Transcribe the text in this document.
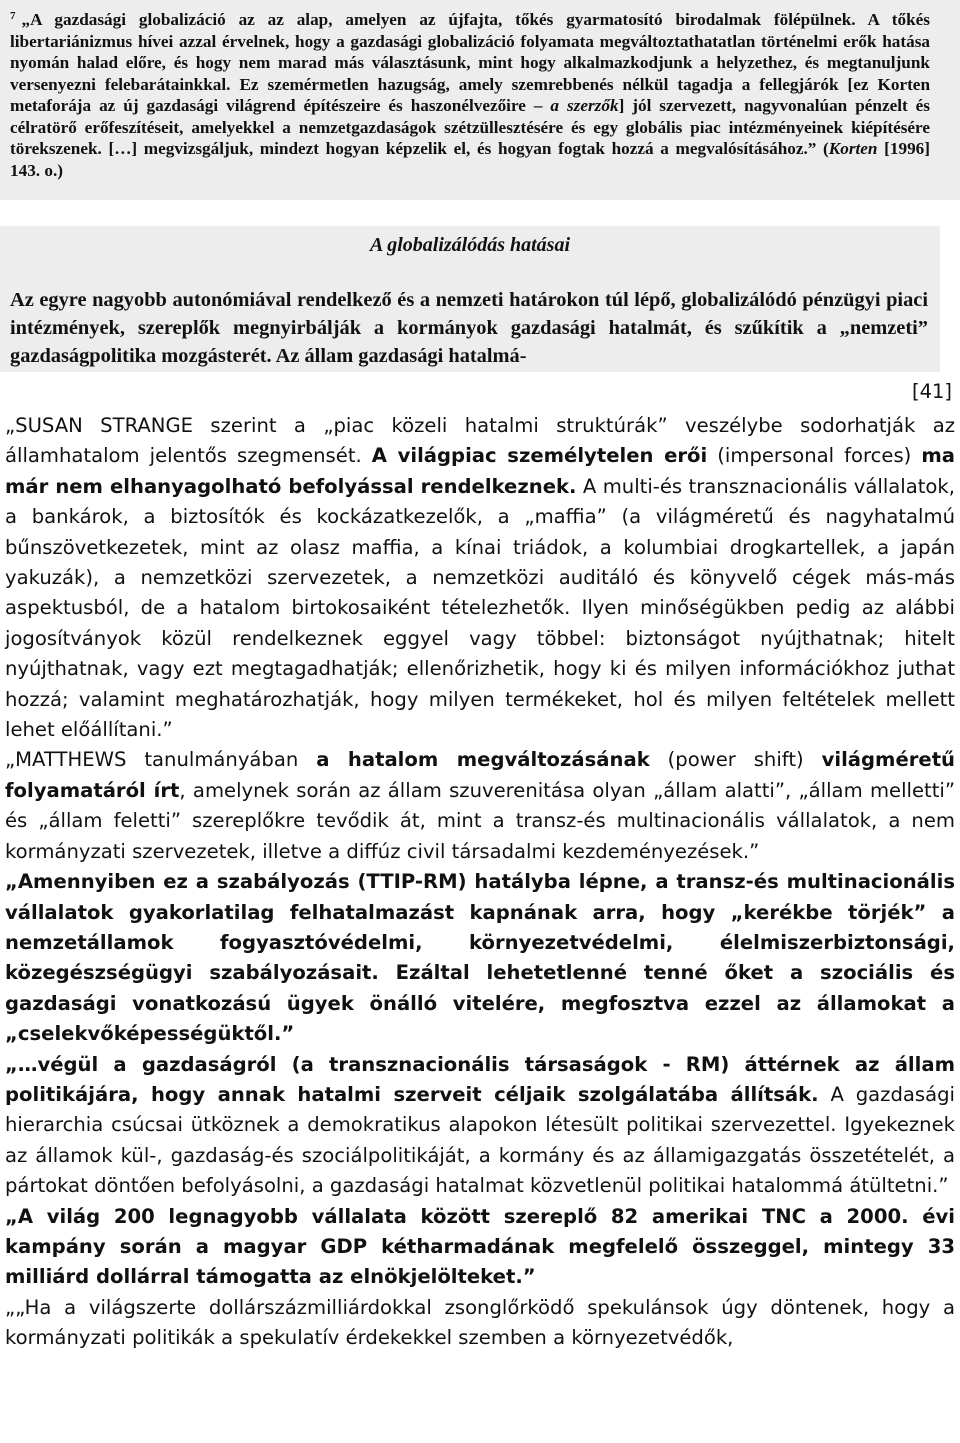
$^7$ „A gazdasági globalizáció az az alap, amelyen az újfajta, tőkés gyarmatosító birodalmak fölépülnek. A tőkés libertariánizmus hívei azzal érvelnek, hogy a gazdasági globalizáció folyamata megváltoztathatatlan történelmi erők hatása nyomán halad előre, és hogy nem marad más választásunk, mint hogy alkalmazkodjunk a helyzethez, és megtanuljunk versenyezni felebarátainkkal. Ez szemérmetlen hazugság, amely szemrebbenés nélkül tagadja a fellegjárók [ez Korten metaforája az új gazdasági világrend építészeire és haszonélvezőire – a szerzők] jól szervezett, nagyvonalúan pénzelt és célratörő erőfeszítéseit, amelyekkel a nemzetgazdaságok szétzüllesztésére és egy globális piac intézményeinek kiépítésére törekszenek. […] megvizsgáljuk, mindezt hogyan képzelik el, és hogyan fogtak hozzá a megvalósításához.” (Korten [1996] 143. o.)

A globalizálódás hatásai

Az egyre nagyobb autonómiával rendelkező és a nemzeti határokon túl lépő, globalizálódó pénzügyi piaci intézmények, szereplők megnyirbálják a kormányok gazdasági hatalmát, és szűkítik a „nemzeti” gazdaságpolitika mozgásterét. Az állam gazdasági hatalmá-

[41]

„SUSAN STRANGE szerint a „piac közeli hatalmi struktúrák” veszélybe sodorhatják az államhatalom jelentős szegmensét. A világpiac személytelen erői (impersonal forces) ma már nem elhanyagolható befolyással rendelkeznek. A multi-és transznacionális vállalatok, a bankárok, a biztosítók és kockázatkezelők, a „maffia” (a világméretű és nagyhatalmú bűnszövetkezetek, mint az olasz maffia, a kínai triádok, a kolumbiai drogkartellek, a japán yakuzák), a nemzetközi szervezetek, a nemzetközi auditáló és könyvelő cégek más-más aspektusból, de a hatalom birtokosaiként tételezhetők. Ilyen minőségükben pedig az alábbi jogosítványok közül rendelkeznek eggyel vagy többel: biztonságot nyújthatnak; hitelt nyújthatnak, vagy ezt megtagadhatják; ellenőrizhetik, hogy ki és milyen információkhoz juthat hozzá; valamint meghatározhatják, hogy milyen termékeket, hol és milyen feltételek mellett lehet előállítani.”

„MATTHEWS tanulmányában a hatalom megváltozásának (power shift) világméretű folyamatáról írt, amelynek során az állam szuverenitása olyan „állam alatti”, „állam melletti” és „állam feletti” szereplőkre tevődik át, mint a transz-és multinacionális vállalatok, a nem kormányzati szervezetek, illetve a diffúz civil társadalmi kezdeményezések.”

„Amennyiben ez a szabályozás (TTIP-RM) hatályba lépne, a transz-és multinacionális vállalatok gyakorlatilag felhatalmazást kapnának arra, hogy „kerékbe törjék” a nemzetállamok fogyasztóvédelmi, környezetvédelmi, élelmiszerbiztonsági, közegészségügyi szabályozásait. Ezáltal lehetetlenné tenné őket a szociális és gazdasági vonatkozású ügyek önálló vitelére, megfosztva ezzel az államokat a „cselekvőképességüktől.”

„…végül a gazdaságról (a transznacionális társaságok - RM) áttérnek az állam politikájára, hogy annak hatalmi szerveit céljaik szolgálatába állítsák. A gazdasági hierarchia csúcsai ütköznek a demokratikus alapokon létesült politikai szervezettel. Igyekeznek az államok kül-, gazdaság-és szociálpolitikáját, a kormány és az államigazgatás összetételét, a pártokat döntően befolyásolni, a gazdasági hatalmat közvetlenül politikai hatalommá átültetni.”

„A világ 200 legnagyobb vállalata között szereplő 82 amerikai TNC a 2000. évi kampány során a magyar GDP kétharmadának megfelelő összeggel, mintegy 33 milliárd dollárral támogatta az elnökjelölteket.”

„„Ha a világszerte dollárszázmilliárdokkal zsonglőrködő spekulánsok úgy döntenek, hogy a kormányzati politikák a spekulatív érdekekkel szemben a környezetvédők,
